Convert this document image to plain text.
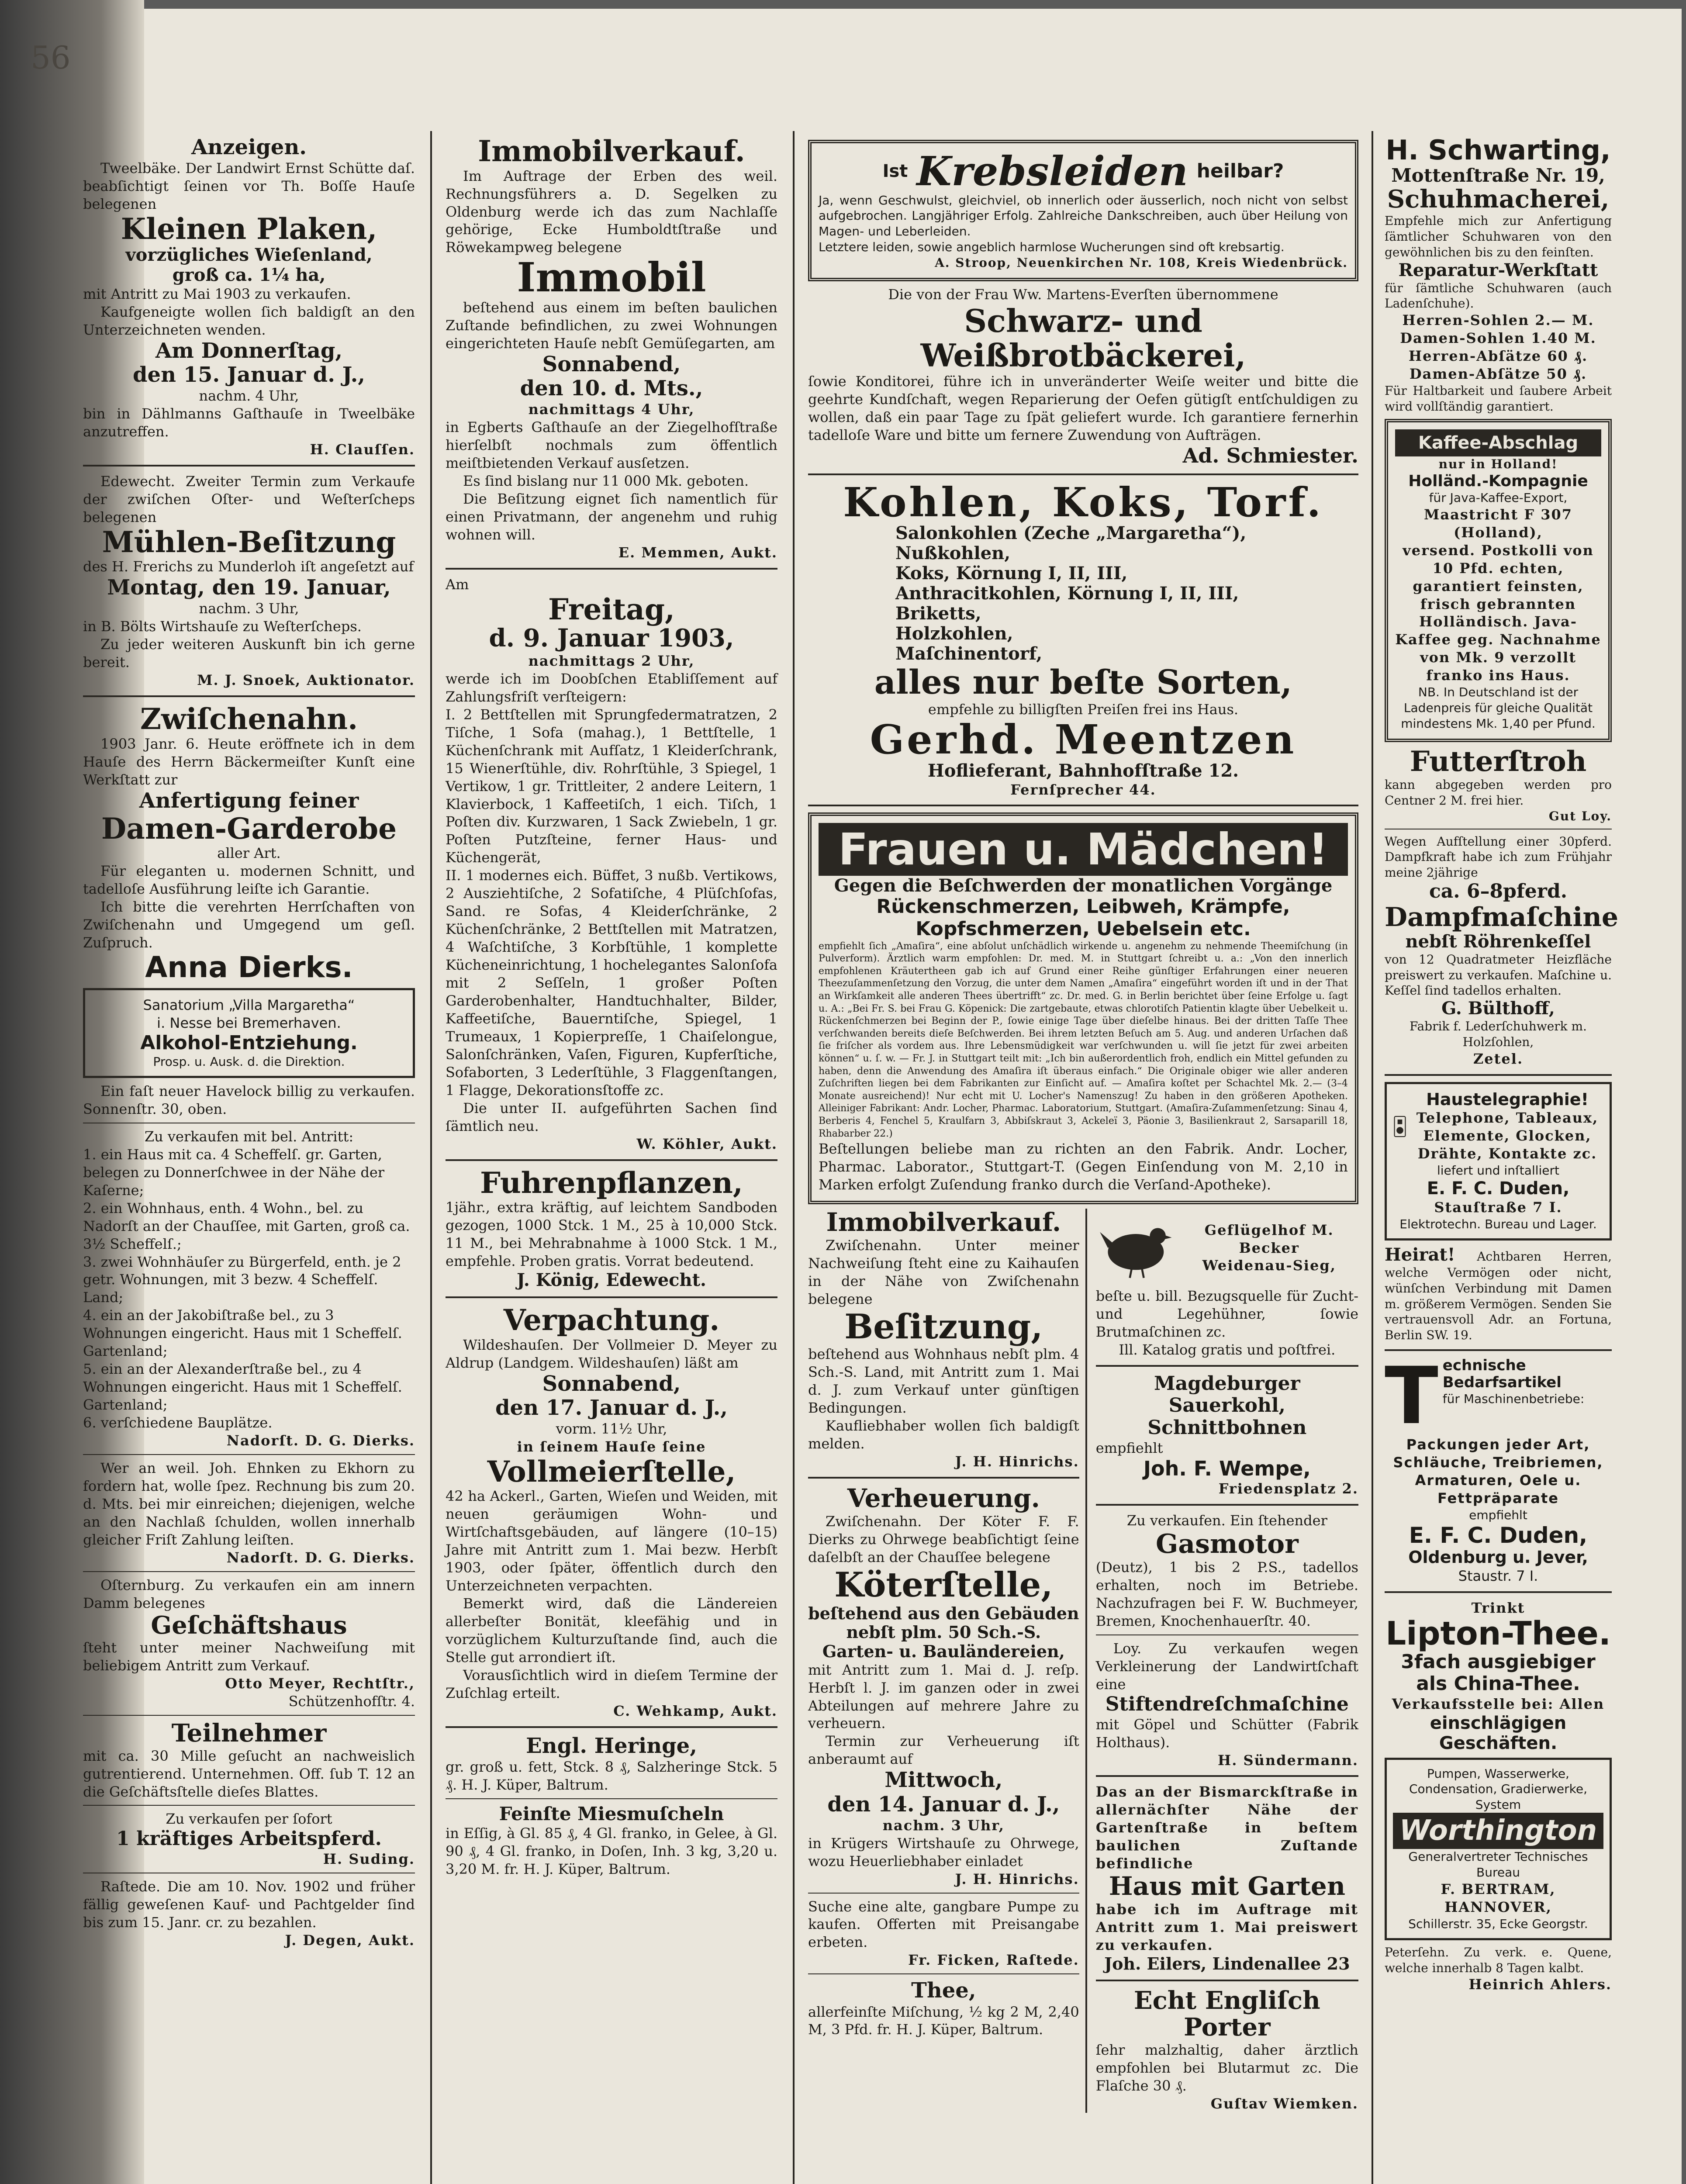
56
Anzeigen.
Tweelbäke. Der Landwirt Ernst Schütte daſ. beabſichtigt ſeinen vor Th. Boſſe Hauſe belegenen
Kleinen Plaken,
vorzügliches Wieſenland,
groß ca. 1¼ ha,
mit Antritt zu Mai 1903 zu verkaufen.
Kaufgeneigte wollen ſich baldigſt an den Unterzeichneten wenden.
Am Donnerſtag,
den 15. Januar d. J.,
nachm. 4 Uhr,
bin in Dählmanns Gaſthauſe in Tweelbäke anzutreffen.
H. Clauſſen.
Edewecht. Zweiter Termin zum Verkaufe der zwiſchen Oſter- und Weſterſcheps belegenen
Mühlen-Beſitzung
des H. Frerichs zu Munderloh iſt angeſetzt auf
Montag, den 19. Januar,
nachm. 3 Uhr,
in B. Bölts Wirtshauſe zu Weſterſcheps.
Zu jeder weiteren Auskunft bin ich gerne bereit.
M. J. Snoek, Auktionator.
Zwiſchenahn.
1903 Janr. 6. Heute eröffnete ich in dem Hauſe des Herrn Bäckermeiſter Kunſt eine Werkſtatt zur
Anfertigung feiner
Damen-Garderobe
aller Art.
Für eleganten u. modernen Schnitt, und tadelloſe Ausführung leiſte ich Garantie.
Ich bitte die verehrten Herrſchaften von Zwiſchenahn und Umgegend um geſl. Zuſpruch.
Anna Dierks.
Sanatorium „Villa Margaretha“
i. Nesse bei Bremerhaven.
Alkohol-Entziehung.
Prosp. u. Ausk. d. die Direktion.
Ein faſt neuer Havelock billig zu verkaufen. Sonnenſtr. 30, oben.
Zu verkaufen mit bel. Antritt:
1. ein Haus mit ca. 4 Scheffelſ. gr. Garten, belegen zu Donnerſchwee in der Nähe der Kaſerne;
2. ein Wohnhaus, enth. 4 Wohn., bel. zu Nadorſt an der Chauſſee, mit Garten, groß ca. 3½ Scheffelſ.;
3. zwei Wohnhäuſer zu Bürgerfeld, enth. je 2 getr. Wohnungen, mit 3 bezw. 4 Scheffelſ. Land;
4. ein an der Jakobiſtraße bel., zu 3 Wohnungen eingericht. Haus mit 1 Scheffelſ. Gartenland;
5. ein an der Alexanderſtraße bel., zu 4 Wohnungen eingericht. Haus mit 1 Scheffelſ. Gartenland;
6. verſchiedene Bauplätze.
Nadorſt. D. G. Dierks.
Wer an weil. Joh. Ehnken zu Ekhorn zu fordern hat, wolle ſpez. Rechnung bis zum 20. d. Mts. bei mir einreichen; diejenigen, welche an den Nachlaß ſchulden, wollen innerhalb gleicher Friſt Zahlung leiſten.
Nadorſt. D. G. Dierks.
Oſternburg. Zu verkaufen ein am innern Damm belegenes
Geſchäftshaus
ſteht unter meiner Nachweiſung mit beliebigem Antritt zum Verkauf.
Otto Meyer, Rechtſtr.,
Schützenhofſtr. 4.
Teilnehmer
mit ca. 30 Mille geſucht an nachweislich gutrentierend. Unternehmen. Off. ſub T. 12 an die Geſchäftsſtelle dieſes Blattes.
Zu verkaufen per ſofort
1 kräftiges Arbeitspferd.
H. Suding.
Raſtede. Die am 10. Nov. 1902 und früher fällig geweſenen Kauf- und Pachtgelder ſind bis zum 15. Janr. cr. zu bezahlen.
J. Degen, Aukt.
Immobilverkauf.
Im Auftrage der Erben des weil. Rechnungsführers a. D. Segelken zu Oldenburg werde ich das zum Nachlaſſe gehörige, Ecke Humboldtſtraße und Röwekampweg belegene
Immobil
beſtehend aus einem im beſten baulichen Zuſtande befindlichen, zu zwei Wohnungen eingerichteten Hauſe nebſt Gemüſegarten, am
Sonnabend,
den 10. d. Mts.,
nachmittags 4 Uhr,
in Egberts Gaſthauſe an der Ziegelhofſtraße hierſelbſt nochmals zum öffentlich meiſtbietenden Verkauf ausſetzen.
Es ſind bislang nur 11 000 Mk. geboten.
Die Beſitzung eignet ſich namentlich für einen Privatmann, der angenehm und ruhig wohnen will.
E. Memmen, Aukt.
Am
Freitag,
d. 9. Januar 1903,
nachmittags 2 Uhr,
werde ich im Doobſchen Etabliſſement auf Zahlungsfriſt verſteigern:
I. 2 Bettſtellen mit Sprungfedermatratzen, 2 Tiſche, 1 Sofa (mahag.), 1 Bettſtelle, 1 Küchenſchrank mit Aufſatz, 1 Kleiderſchrank, 15 Wienerſtühle, div. Rohrſtühle, 3 Spiegel, 1 Vertikow, 1 gr. Trittleiter, 2 andere Leitern, 1 Klavierbock, 1 Kaffeetiſch, 1 eich. Tiſch, 1 Poſten div. Kurzwaren, 1 Sack Zwiebeln, 1 gr. Poſten Putzſteine, ferner Haus- und Küchengerät,
II. 1 modernes eich. Büffet, 3 nußb. Vertikows, 2 Ausziehtiſche, 2 Sofatiſche, 4 Plüſchſofas, Sand. re Sofas, 4 Kleiderſchränke, 2 Küchenſchränke, 2 Bettſtellen mit Matratzen, 4 Waſchtiſche, 3 Korbſtühle, 1 komplette Kücheneinrichtung, 1 hochelegantes Salonſofa mit 2 Seſſeln, 1 großer Poſten Garderobenhalter, Handtuchhalter, Bilder, Kaffeetiſche, Bauerntiſche, Spiegel, 1 Trumeaux, 1 Kopierpreſſe, 1 Chaiſelongue, Salonſchränken, Vaſen, Figuren, Kupferſtiche, Sofaborten, 3 Lederſtühle, 3 Flaggenſtangen, 1 Flagge, Dekorationsſtoffe zc.
Die unter II. aufgeführten Sachen ſind ſämtlich neu.
W. Köhler, Aukt.
Fuhrenpflanzen,
1jähr., extra kräftig, auf leichtem Sandboden gezogen, 1000 Stck. 1 M., 25 à 10,000 Stck. 11 M., bei Mehrabnahme à 1000 Stck. 1 M., empfehle. Proben gratis. Vorrat bedeutend.
J. König, Edewecht.
Verpachtung.
Wildeshauſen. Der Vollmeier D. Meyer zu Aldrup (Landgem. Wildeshauſen) läßt am
Sonnabend,
den 17. Januar d. J.,
vorm. 11½ Uhr,
in ſeinem Hauſe ſeine
Vollmeierſtelle,
42 ha Ackerl., Garten, Wieſen und Weiden, mit neuen geräumigen Wohn- und Wirtſchaftsgebäuden, auf längere (10–15) Jahre mit Antritt zum 1. Mai bezw. Herbſt 1903, oder ſpäter, öffentlich durch den Unterzeichneten verpachten.
Bemerkt wird, daß die Ländereien allerbeſter Bonität, kleefähig und in vorzüglichem Kulturzuſtande ſind, auch die Stelle gut arrondiert iſt.
Vorausſichtlich wird in dieſem Termine der Zuſchlag erteilt.
C. Wehkamp, Aukt.
Engl. Heringe,
gr. groß u. fett, Stck. 8 ₰, Salzheringe Stck. 5 ₰. H. J. Küper, Baltrum.
Feinſte Miesmuſcheln
in Eſſig, à Gl. 85 ₰, 4 Gl. franko, in Gelee, à Gl. 90 ₰, 4 Gl. franko, in Doſen, Inh. 3 kg, 3,20 u. 3,20 M. fr. H. J. Küper, Baltrum.
Ist Krebsleiden heilbar?
Ja, wenn Geschwulst, gleichviel, ob innerlich oder äusserlich, noch nicht von selbst aufgebrochen. Langjähriger Erfolg. Zahlreiche Dankschreiben, auch über Heilung von Magen- und Leberleiden.
Letztere leiden, sowie angeblich harmlose Wucherungen sind oft krebsartig.
A. Stroop, Neuenkirchen Nr. 108, Kreis Wiedenbrück.
Die von der Frau Ww. Martens-Everſten übernommene
Schwarz- und Weißbrotbäckerei,
ſowie Konditorei, führe ich in unveränderter Weiſe weiter und bitte die geehrte Kundſchaft, wegen Reparierung der Oefen gütigſt entſchuldigen zu wollen, daß ein paar Tage zu ſpät geliefert wurde. Ich garantiere fernerhin tadelloſe Ware und bitte um fernere Zuwendung von Aufträgen.
Ad. Schmiester.
Kohlen, Koks, Torf.
Salonkohlen (Zeche „Margaretha“),
Nußkohlen,
Koks, Körnung I, II, III,
Anthracitkohlen, Körnung I, II, III,
Briketts,
Holzkohlen,
Maſchinentorf,
alles nur beſte Sorten,
empfehle zu billigſten Preiſen frei ins Haus.
Gerhd. Meentzen
Hoflieferant, Bahnhofſtraße 12.
Fernſprecher 44.
Frauen u. Mädchen!
Gegen die Beſchwerden der monatlichen Vorgänge
Rückenschmerzen, Leibweh, Krämpfe,
Kopfschmerzen, Uebelsein etc.
empfiehlt ſich „Amaſira“, eine abſolut unſchädlich wirkende u. angenehm zu nehmende Theemiſchung (in Pulverform). Ärztlich warm empfohlen: Dr. med. M. in Stuttgart ſchreibt u. a.: „Von den innerlich empfohlenen Kräutertheen gab ich auf Grund einer Reihe günſtiger Erfahrungen einer neueren Theezuſammenſetzung den Vorzug, die unter dem Namen „Amaſira“ eingeführt worden iſt und in der That an Wirkſamkeit alle anderen Thees übertrifft“ zc. Dr. med. G. in Berlin berichtet über ſeine Erfolge u. ſagt u. A.: „Bei Fr. S. bei Frau G. Köpenick: Die zartgebaute, etwas chlorotiſch Patientin klagte über Uebelkeit u. Rückenſchmerzen bei Beginn der P., ſowie einige Tage über dieſelbe hinaus. Bei der dritten Taſſe Thee verſchwanden bereits dieſe Beſchwerden. Bei ihrem letzten Beſuch am 5. Aug. und anderen Urſachen daß ſie friſcher als vordem aus. Ihre Lebensmüdigkeit war verſchwunden u. will ſie jetzt für zwei arbeiten können“ u. ſ. w. — Fr. J. in Stuttgart teilt mit: „Ich bin außerordentlich froh, endlich ein Mittel gefunden zu haben, denn die Anwendung des Amaſira iſt überaus einfach.“ Die Originale obiger wie aller anderen Zuſchriften liegen bei dem Fabrikanten zur Einſicht auf. — Amaſira koſtet per Schachtel Mk. 2.— (3–4 Monate ausreichend)! Nur echt mit U. Locher's Namenszug! Zu haben in den größeren Apotheken. Alleiniger Fabrikant: Andr. Locher, Pharmac. Laboratorium, Stuttgart. (Amaſira-Zuſammenſetzung: Sinau 4, Berberis 4, Fenchel 5, Kraulfarn 3, Abbiſskraut 3, Ackeleï 3, Päonie 3, Basilienkraut 2, Sarsaparill 18, Rhabarber 22.)
Beſtellungen beliebe man zu richten an den Fabrik. Andr. Locher, Pharmac. Laborator., Stuttgart-T. (Gegen Einſendung von M. 2,10 in Marken erfolgt Zuſendung franko durch die Verſand-Apotheke).
Immobilverkauf.
Zwiſchenahn. Unter meiner Nachweiſung ſteht eine zu Kaihauſen in der Nähe von Zwiſchenahn belegene
Beſitzung,
beſtehend aus Wohnhaus nebſt plm. 4 Sch.-S. Land, mit Antritt zum 1. Mai d. J. zum Verkauf unter günſtigen Bedingungen.
Kaufliebhaber wollen ſich baldigſt melden.
J. H. Hinrichs.
Verheuerung.
Zwiſchenahn. Der Köter F. F. Dierks zu Ohrwege beabſichtigt ſeine daſelbſt an der Chauſſee belegene
Köterſtelle,
beſtehend aus den Gebäuden
nebſt plm. 50 Sch.-S.
Garten- u. Bauländereien,
mit Antritt zum 1. Mai d. J. reſp. Herbſt l. J. im ganzen oder in zwei Abteilungen auf mehrere Jahre zu verheuern.
Termin zur Verheuerung iſt anberaumt auf
Mittwoch,
den 14. Januar d. J.,
nachm. 3 Uhr,
in Krügers Wirtshauſe zu Ohrwege, wozu Heuerliebhaber einladet
J. H. Hinrichs.
Suche eine alte, gangbare Pumpe zu kaufen. Offerten mit Preisangabe erbeten.
Fr. Ficken, Raſtede.
Thee,
allerfeinſte Miſchung, ½ kg 2 M, 2,40 M, 3 Pfd. fr. H. J. Küper, Baltrum.
Geflügelhof M. Becker
Weidenau-Sieg,
beſte u. bill. Bezugsquelle für Zucht- und Legehühner, ſowie Brutmaſchinen zc.
Ill. Katalog gratis und poſtfrei.
Magdeburger Sauerkohl,
Schnittbohnen
empfiehlt
Joh. F. Wempe,
Friedensplatz 2.
Zu verkaufen. Ein ſtehender
Gasmotor
(Deutz), 1 bis 2 P.S., tadellos erhalten, noch im Betriebe. Nachzufragen bei F. W. Buchmeyer, Bremen, Knochenhauerſtr. 40.
Loy. Zu verkaufen wegen Verkleinerung der Landwirtſchaft eine
Stiftendreſchmaſchine
mit Göpel und Schütter (Fabrik Holthaus).
H. Sündermann.
Das an der Bismarckſtraße in allernächſter Nähe der Gartenſtraße in beſtem baulichen Zuſtande befindliche
Haus mit Garten
habe ich im Auftrage mit Antritt zum 1. Mai preiswert zu verkaufen.
Joh. Eilers, Lindenallee 23
Echt Engliſch Porter
ſehr malzhaltig, daher ärztlich empfohlen bei Blutarmut zc. Die Flaſche 30 ₰.
Guſtav Wiemken.
H. Schwarting,
Mottenſtraße Nr. 19,
Schuhmacherei,
Empfehle mich zur Anfertigung ſämtlicher Schuhwaren von den gewöhnlichen bis zu den feinſten.
Reparatur-Werkſtatt
für ſämtliche Schuhwaren (auch Ladenſchuhe).
Herren-Sohlen 2.— M.
Damen-Sohlen 1.40 M.
Herren-Abſätze 60 ₰.
Damen-Abſätze 50 ₰.
Für Haltbarkeit und ſaubere Arbeit wird vollſtändig garantiert.
Kaffee-Abschlag
nur in Holland!
Holländ.-Kompagnie
für Java-Kaffee-Export,
Maastricht F 307 (Holland),
versend. Postkolli von 10 Pfd. echten, garantiert feinsten, frisch gebrannten Holländisch. Java-Kaffee geg. Nachnahme von Mk. 9 verzollt franko ins Haus.
NB. In Deutschland ist der Ladenpreis für gleiche Qualität mindestens Mk. 1,40 per Pfund.
Futterſtroh
kann abgegeben werden pro Centner 2 M. frei hier.
Gut Loy.
Wegen Aufſtellung einer 30pferd. Dampfkraft habe ich zum Frühjahr meine 2jährige
ca. 6–8pferd.
Dampfmaſchine
nebſt Röhrenkeſſel
von 12 Quadratmeter Heizfläche preiswert zu verkaufen. Maſchine u. Keſſel ſind tadellos erhalten.
G. Bülthoff,
Fabrik f. Lederſchuhwerk m. Holzſohlen,
Zetel.
Haustelegraphie!
Telephone, Tableaux, Elemente, Glocken, Drähte, Kontakte zc.
liefert und inſtalliert
E. F. C. Duden,
Stauſtraße 7 I.
Elektrotechn. Bureau und Lager.
Heirat! Achtbaren Herren, welche Vermögen oder nicht, wünſchen Verbindung mit Damen m. größerem Vermögen. Senden Sie vertrauensvoll Adr. an Fortuna, Berlin SW. 19.
T echnische
Bedarfsartikel
für Maschinenbetriebe:
Packungen jeder Art, Schläuche, Treibriemen, Armaturen, Oele u. Fettpräparate
empfiehlt
E. F. C. Duden,
Oldenburg u. Jever,
Staustr. 7 I.
Trinkt
Lipton-Thee.
3fach ausgiebiger
als China-Thee.
Verkaufsstelle bei: Allen
einschlägigen Geschäften.
Pumpen, Wasserwerke, Condensation, Gradierwerke, System
Worthington
Generalvertreter Technisches Bureau
F. BERTRAM, HANNOVER,
Schillerstr. 35, Ecke Georgstr.
Peterſehn. Zu verk. e. Quene, welche innerhalb 8 Tagen kalbt.
Heinrich Ahlers.
